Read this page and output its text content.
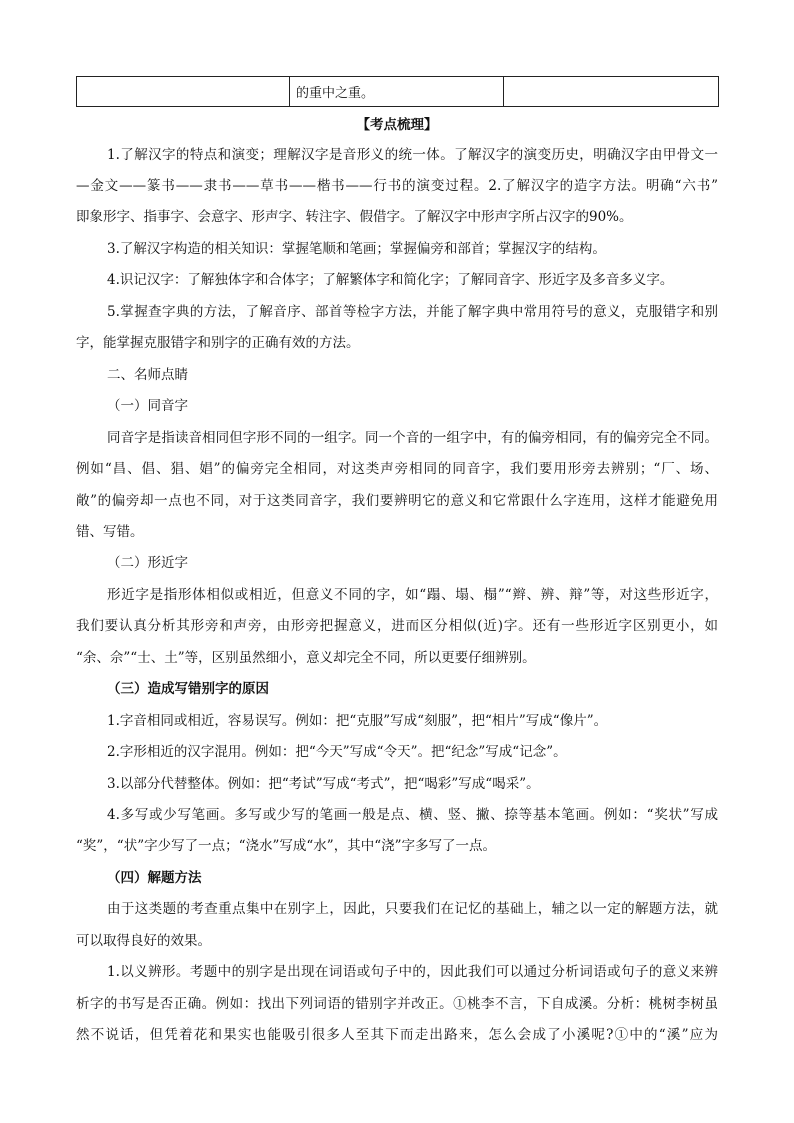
	的重中之重。	
【考点梳理】
1.了解汉字的特点和演变；理解汉字是音形义的统一体。了解汉字的演变历史，明确汉字由甲骨文一
—金文——篆书——隶书——草书——楷书——行书的演变过程。2.了解汉字的造字方法。明确“六书”
即象形字、指事字、会意字、形声字、转注字、假借字。了解汉字中形声字所占汉字的90%。
3.了解汉字构造的相关知识：掌握笔顺和笔画；掌握偏旁和部首；掌握汉字的结构。
4.识记汉字：了解独体字和合体字；了解繁体字和简化字；了解同音字、形近字及多音多义字。
5.掌握查字典的方法，了解音序、部首等检字方法，并能了解字典中常用符号的意义，克服错字和别
字，能掌握克服错字和别字的正确有效的方法。
二、名师点睛
（一）同音字
同音字是指读音相同但字形不同的一组字。同一个音的一组字中，有的偏旁相同，有的偏旁完全不同。
例如“昌、倡、猖、娼”的偏旁完全相同，对这类声旁相同的同音字，我们要用形旁去辨别；“厂、场、
敞”的偏旁却一点也不同，对于这类同音字，我们要辨明它的意义和它常跟什么字连用，这样才能避免用
错、写错。
（二）形近字
形近字是指形体相似或相近，但意义不同的字，如“蹋、塌、榻”“辫、辨、辩”等，对这些形近字，
我们要认真分析其形旁和声旁，由形旁把握意义，进而区分相似(近)字。还有一些形近字区别更小，如
“余、佘”“士、土”等，区别虽然细小，意义却完全不同，所以更要仔细辨别。
（三）造成写错别字的原因
1.字音相同或相近，容易误写。例如：把“克服”写成“刻服”，把“相片”写成“像片”。
2.字形相近的汉字混用。例如：把“今天”写成“令天”。把“纪念”写成“记念”。
3.以部分代替整体。例如：把“考试”写成“考式”，把“喝彩”写成“喝采”。
4.多写或少写笔画。多写或少写的笔画一般是点、横、竖、撇、捺等基本笔画。例如：“奖状”写成
“奖”，“状”字少写了一点；“浇水”写成“水”，其中“浇”字多写了一点。
（四）解题方法
由于这类题的考查重点集中在别字上，因此，只要我们在记忆的基础上，辅之以一定的解题方法，就
可以取得良好的效果。
1.以义辨形。考题中的别字是出现在词语或句子中的，因此我们可以通过分析词语或句子的意义来辨
析字的书写是否正确。例如：找出下列词语的错别字并改正。①桃李不言，下自成溪。分析：桃树李树虽
然不说话，但凭着花和果实也能吸引很多人至其下而走出路来，怎么会成了小溪呢?①中的“溪”应为
